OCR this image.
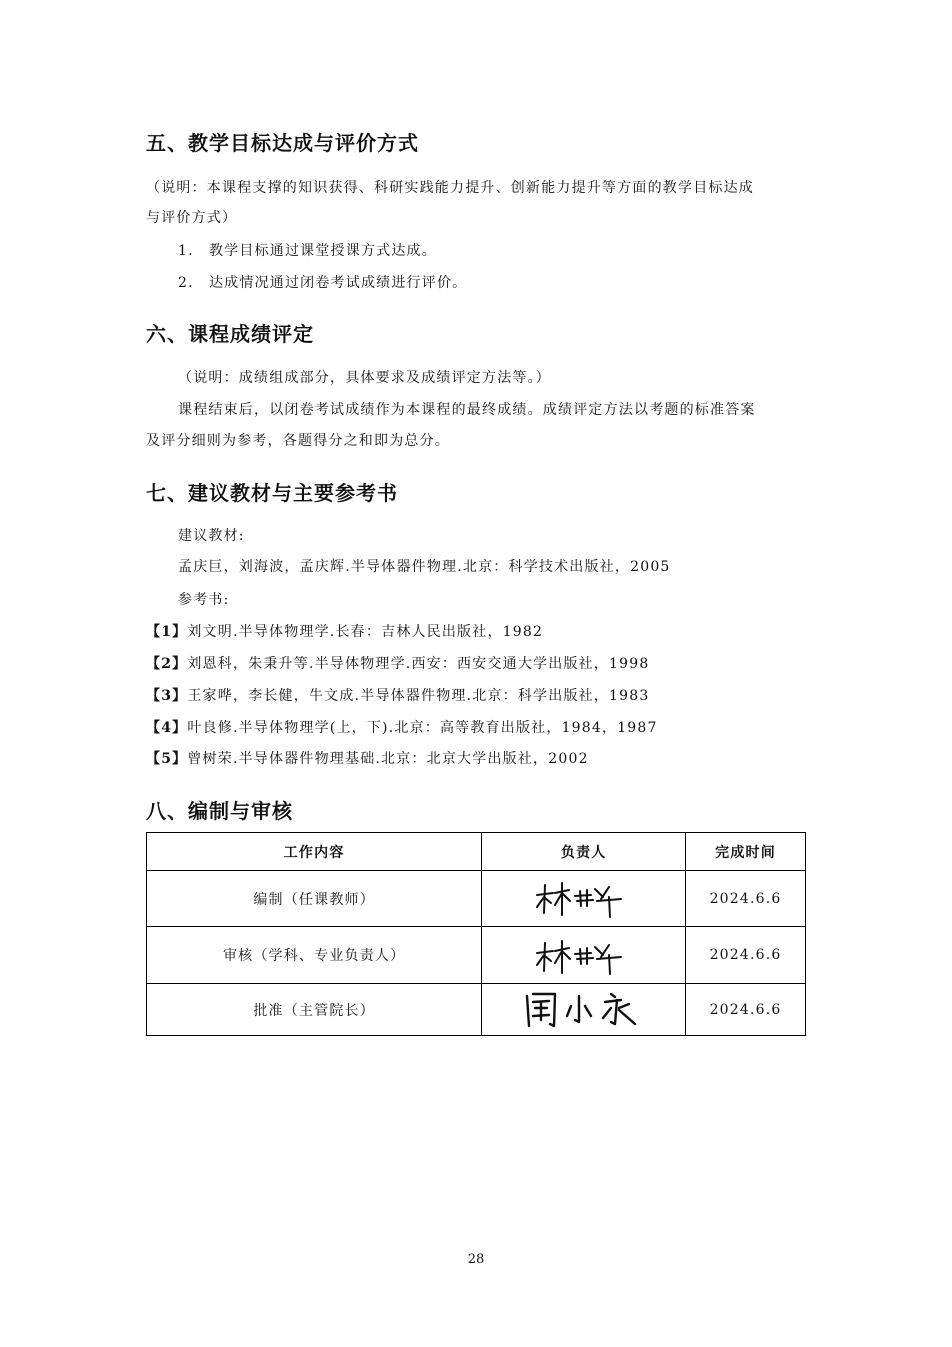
五、教学目标达成与评价方式
（说明：本课程支撑的知识获得、科研实践能力提升、创新能力提升等方面的教学目标达成
与评价方式）
1.　教学目标通过课堂授课方式达成。
2.　达成情况通过闭卷考试成绩进行评价。
六、课程成绩评定
（说明：成绩组成部分，具体要求及成绩评定方法等。）
课程结束后，以闭卷考试成绩作为本课程的最终成绩。成绩评定方法以考题的标准答案
及评分细则为参考，各题得分之和即为总分。
七、建议教材与主要参考书
建议教材:
孟庆巨，刘海波，孟庆辉.半导体器件物理.北京：科学技术出版社，2005
参考书:
【1】刘文明.半导体物理学.长春：吉林人民出版社，1982
【2】刘恩科，朱秉升等.半导体物理学.西安：西安交通大学出版社，1998
【3】王家哗，李长健，牛文成.半导体器件物理.北京：科学出版社，1983
【4】叶良修.半导体物理学(上，下).北京：高等教育出版社，1984，1987
【5】曾树荣.半导体器件物理基础.北京：北京大学出版社，2002
八、编制与审核
工作内容	负责人	完成时间
编制（任课教师）		2024.6.6
审核（学科、专业负责人）		2024.6.6
批准（主管院长）		2024.6.6
28
